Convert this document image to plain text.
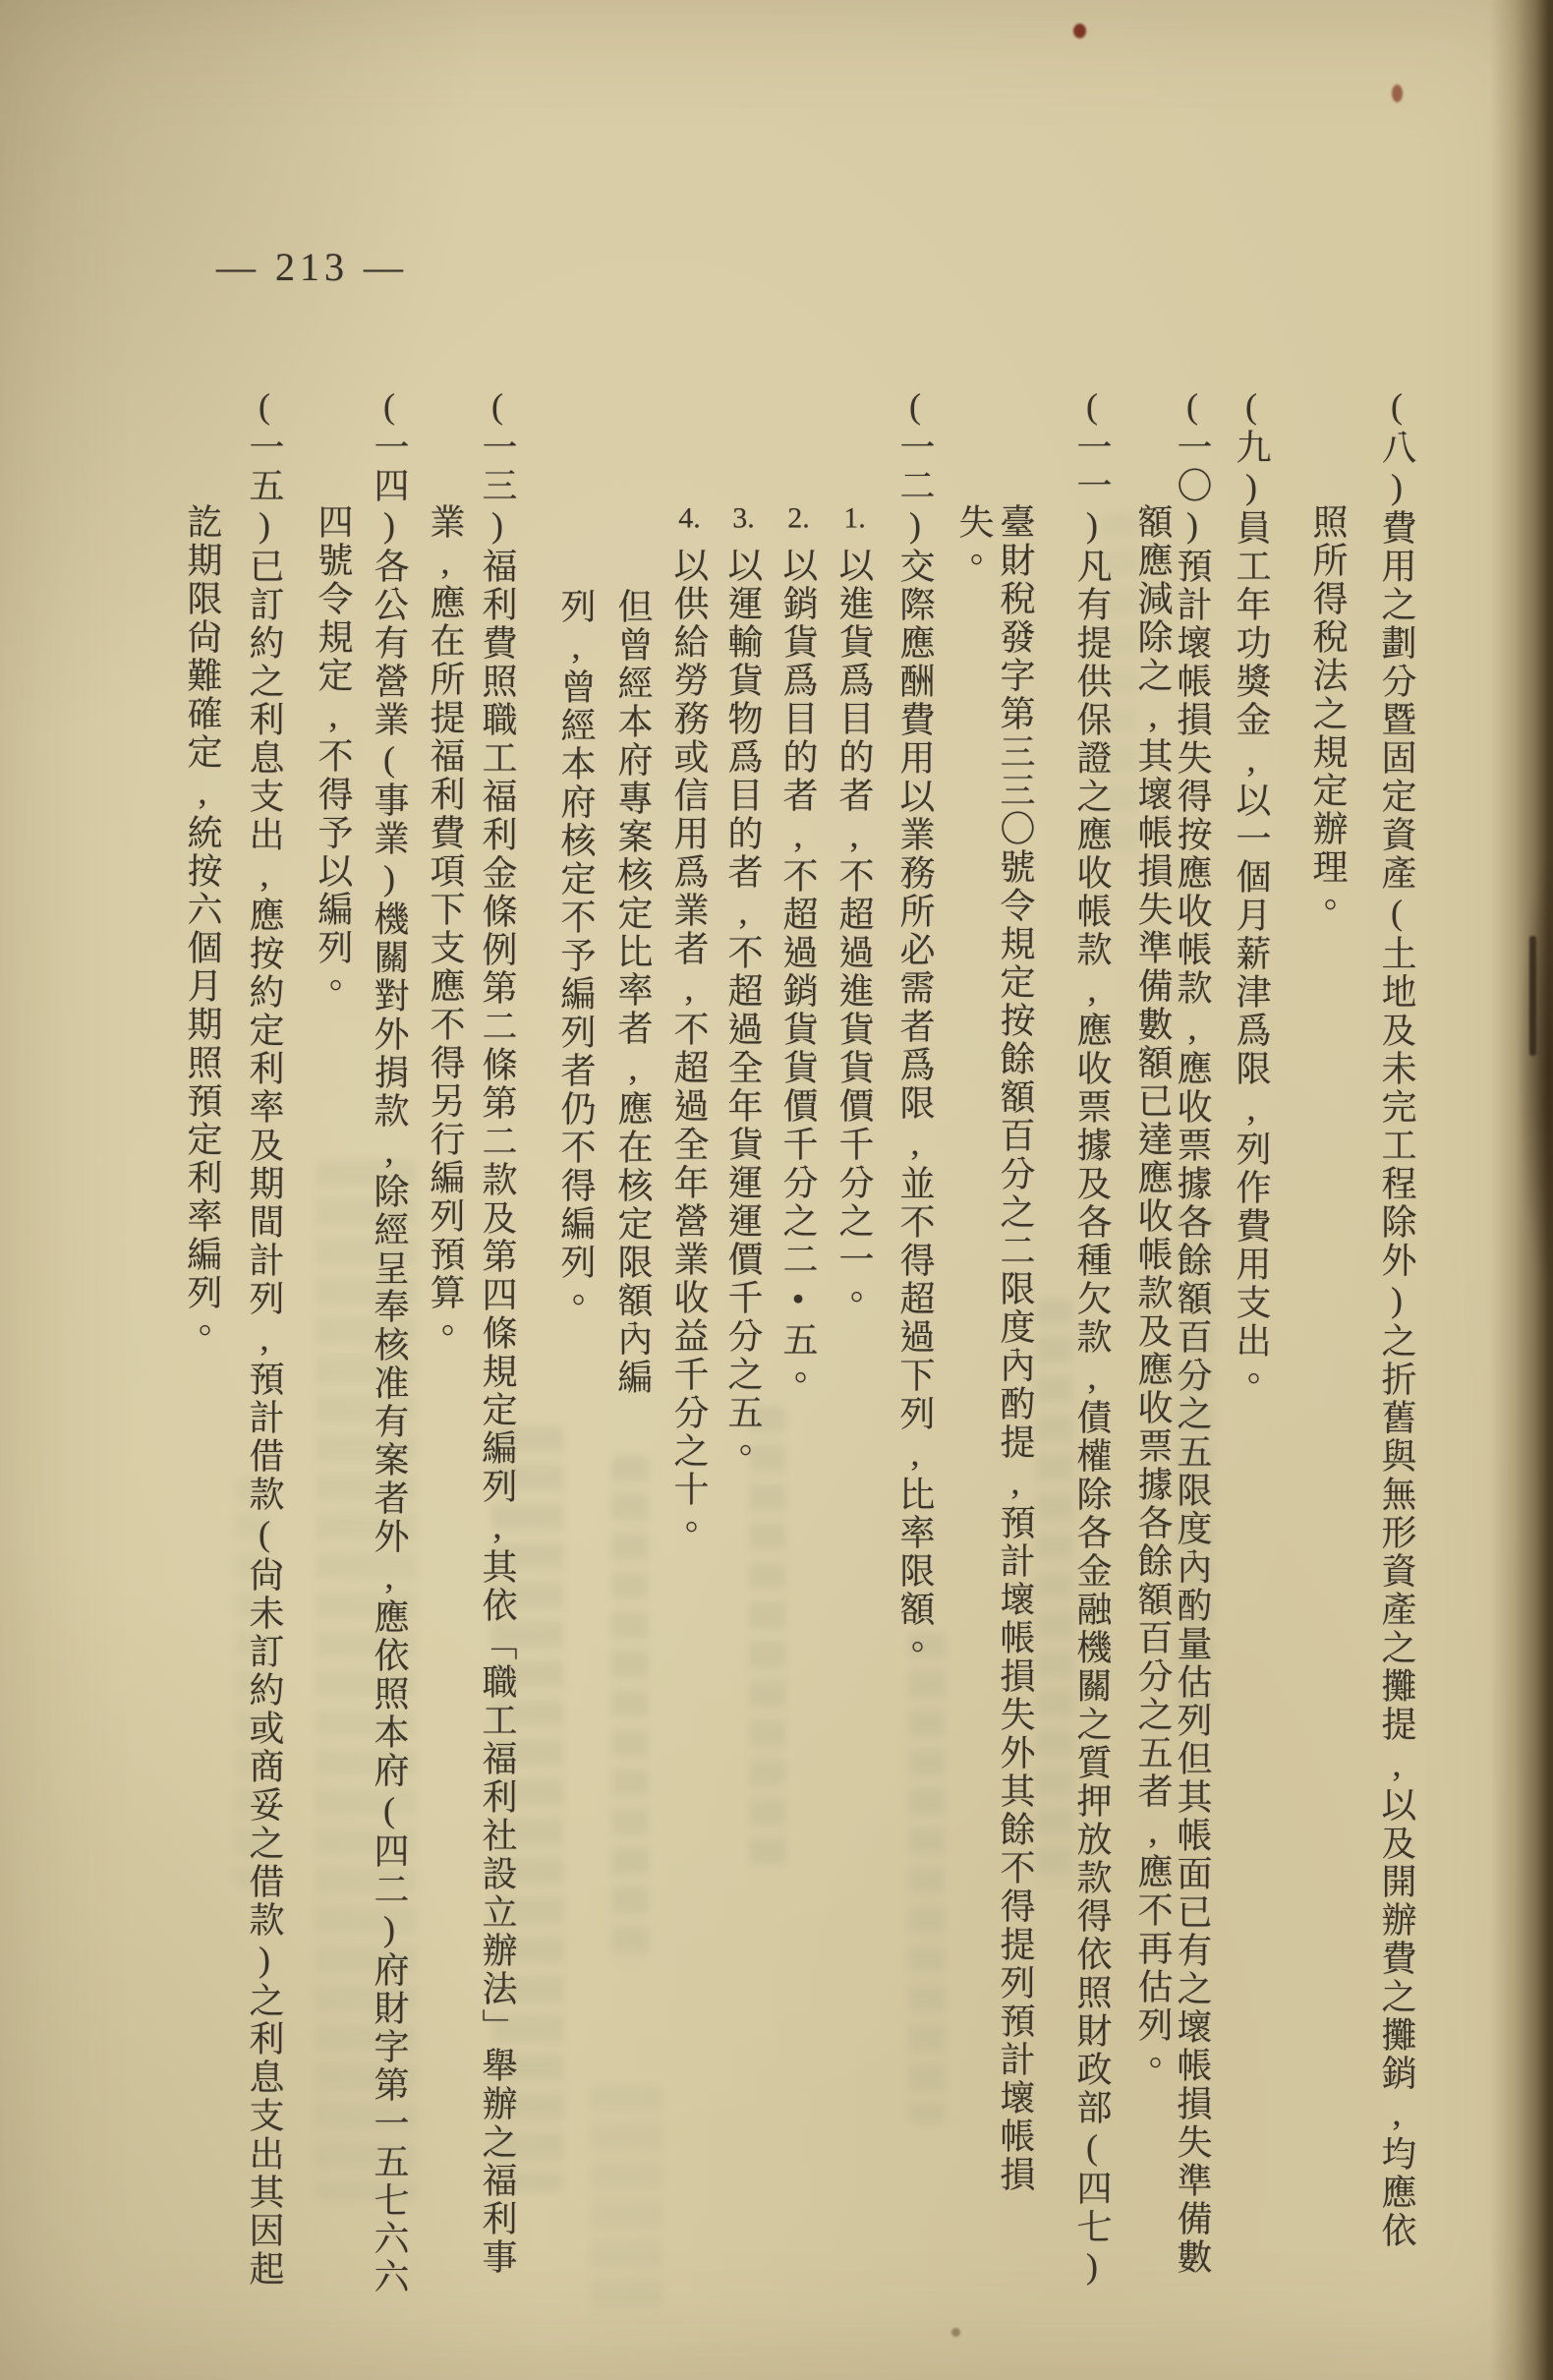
— 213 —
(八)費用之劃分暨固定資產(土地及未完工程除外)之折舊與無形資產之攤提,以及開辦費之攤銷,均應依
照所得稅法之規定辦理。
(九)員工年功獎金,以一個月薪津爲限,列作費用支出。
(一〇)預計壞帳損失得按應收帳款,應收票據各餘額百分之五限度內酌量估列但其帳面已有之壞帳損失準備數
額應減除之,其壞帳損失準備數額已達應收帳款及應收票據各餘額百分之五者,應不再估列。
(一一)凡有提供保證之應收帳款,應收票據及各種欠款,債權除各金融機關之質押放款得依照財政部(四七)
臺財稅發字第三三〇號令規定按餘額百分之二限度內酌提,預計壞帳損失外其餘不得提列預計壞帳損
失。
(一二)交際應酬費用以業務所必需者爲限,並不得超過下列,比率限額。
1.以進貨爲目的者,不超過進貨貨價千分之一。
2.以銷貨爲目的者,不超過銷貨貨價千分之二•五。
3.以運輸貨物爲目的者,不超過全年貨運運價千分之五。
4.以供給勞務或信用爲業者,不超過全年營業收益千分之十。
但曾經本府專案核定比率者,應在核定限額內編
列,曾經本府核定不予編列者仍不得編列。
(一三)福利費照職工福利金條例第二條第二款及第四條規定編列,其依「職工福利社設立辦法」舉辦之福利事
業,應在所提福利費項下支應不得另行編列預算。
(一四)各公有營業(事業)機關對外捐款,除經呈奉核准有案者外,應依照本府(四二)府財字第一五七六六
四號令規定,不得予以編列。
(一五)已訂約之利息支出,應按約定利率及期間計列,預計借款(尙未訂約或商妥之借款)之利息支出其因起
訖期限尙難確定,統按六個月期照預定利率編列。
